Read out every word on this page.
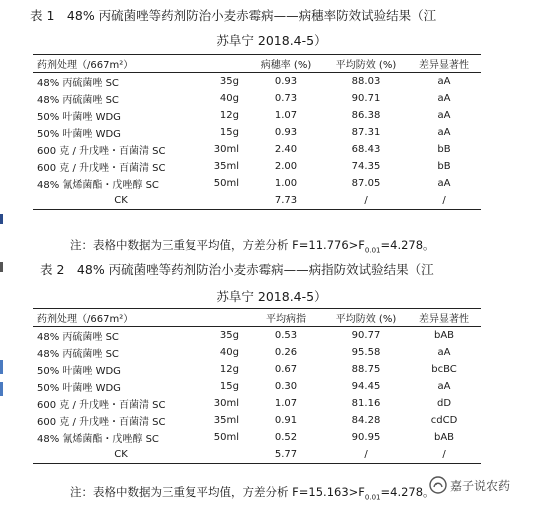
表 1　48% 丙硫菌唑等药剂防治小麦赤霉病——病穗率防效试验结果（江
苏阜宁 2018.4-5）
药剂处理（/667m²）		病穗率 (%)	平均防效 (%)	差异显著性
48% 丙硫菌唑 SC	35g	0.93	88.03	aA
48% 丙硫菌唑 SC	40g	0.73	90.71	aA
50% 叶菌唑 WDG	12g	1.07	86.38	aA
50% 叶菌唑 WDG	15g	0.93	87.31	aA
600 克 / 升戊唑・百菌清 SC	30ml	2.40	68.43	bB
600 克 / 升戊唑・百菌清 SC	35ml	2.00	74.35	bB
48% 氰烯菌酯・戊唑醇 SC	50ml	1.00	87.05	aA
CK		7.73	/	/
注：表格中数据为三重复平均值，方差分析 $F=11.776>F_{0.01}=4.278$。
表 2　48% 丙硫菌唑等药剂防治小麦赤霉病——病指防效试验结果（江
苏阜宁 2018.4-5）
药剂处理（/667m²）		平均病指	平均防效 (%)	差异显著性
48% 丙硫菌唑 SC	35g	0.53	90.77	bAB
48% 丙硫菌唑 SC	40g	0.26	95.58	aA
50% 叶菌唑 WDG	12g	0.67	88.75	bcBC
50% 叶菌唑 WDG	15g	0.30	94.45	aA
600 克 / 升戊唑・百菌清 SC	30ml	1.07	81.16	dD
600 克 / 升戊唑・百菌清 SC	35ml	0.91	84.28	cdCD
48% 氰烯菌酯・戊唑醇 SC	50ml	0.52	90.95	bAB
CK		5.77	/	/
注：表格中数据为三重复平均值，方差分析 $F=15.163>F_{0.01}=4.278$。 嘉子说农药
